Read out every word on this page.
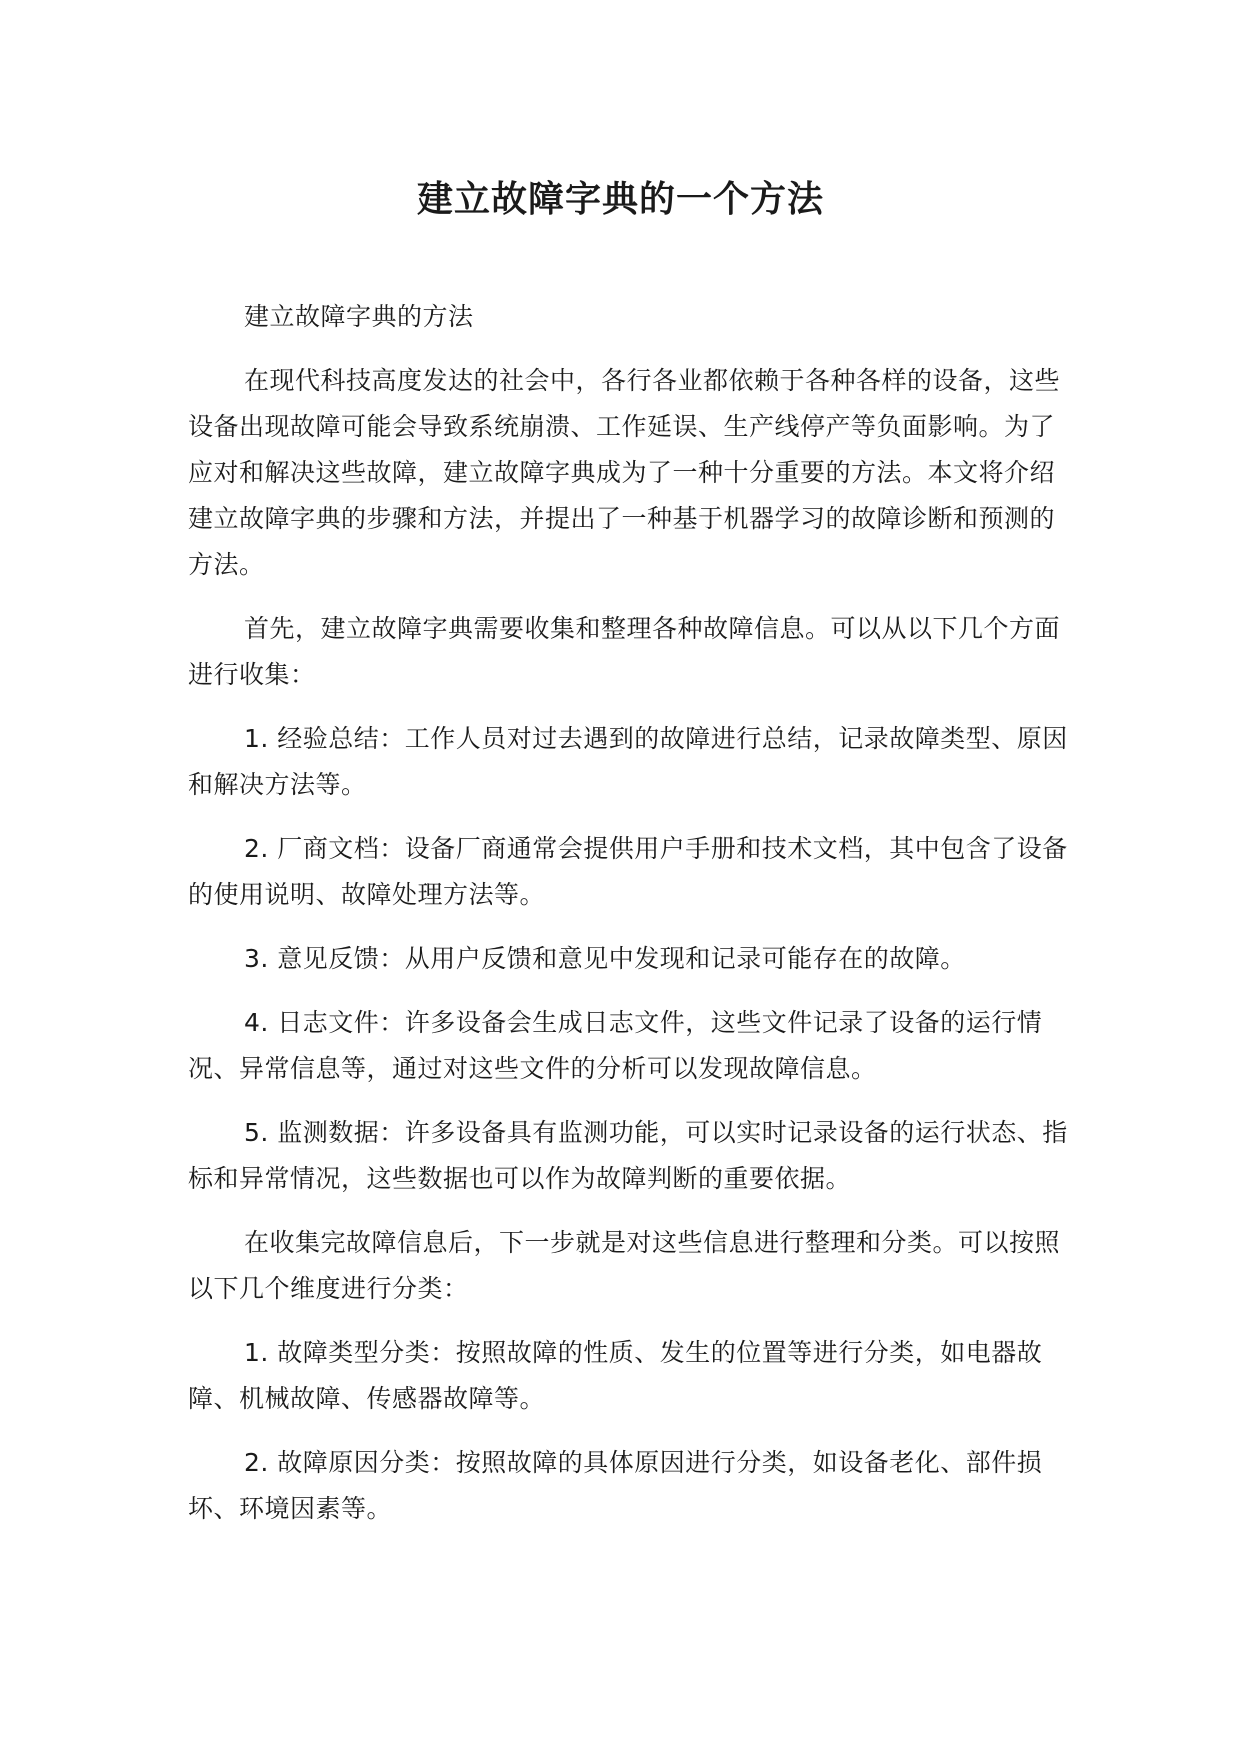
建立故障字典的一个方法

建立故障字典的方法

在现代科技高度发达的社会中，各行各业都依赖于各种各样的设备，这些设备出现故障可能会导致系统崩溃、工作延误、生产线停产等负面影响。为了应对和解决这些故障，建立故障字典成为了一种十分重要的方法。本文将介绍建立故障字典的步骤和方法，并提出了一种基于机器学习的故障诊断和预测的方法。

首先，建立故障字典需要收集和整理各种故障信息。可以从以下几个方面进行收集：

1. 经验总结：工作人员对过去遇到的故障进行总结，记录故障类型、原因和解决方法等。

2. 厂商文档：设备厂商通常会提供用户手册和技术文档，其中包含了设备的使用说明、故障处理方法等。

3. 意见反馈：从用户反馈和意见中发现和记录可能存在的故障。

4. 日志文件：许多设备会生成日志文件，这些文件记录了设备的运行情况、异常信息等，通过对这些文件的分析可以发现故障信息。

5. 监测数据：许多设备具有监测功能，可以实时记录设备的运行状态、指标和异常情况，这些数据也可以作为故障判断的重要依据。

在收集完故障信息后，下一步就是对这些信息进行整理和分类。可以按照以下几个维度进行分类：

1. 故障类型分类：按照故障的性质、发生的位置等进行分类，如电器故障、机械故障、传感器故障等。

2. 故障原因分类：按照故障的具体原因进行分类，如设备老化、部件损坏、环境因素等。
